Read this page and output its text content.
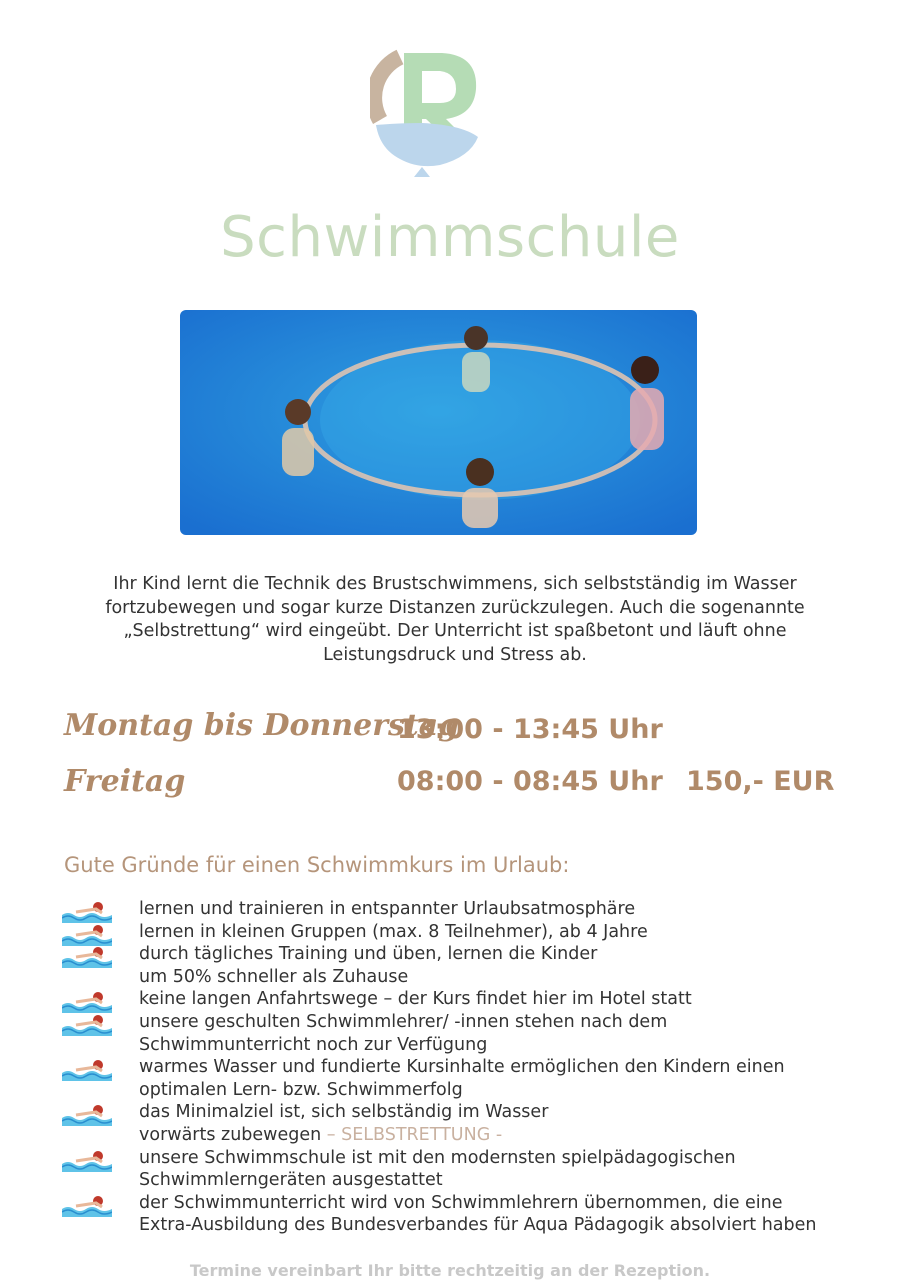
Schwimmschule
Ihr Kind lernt die Technik des Brustschwimmens, sich selbstständig im Wasser fortzubewegen und sogar kurze Distanzen zurückzulegen. Auch die sogenannte „Selbstrettung“ wird eingeübt. Der Unterricht ist spaßbetont und läuft ohne Leistungsdruck und Stress ab.
Montag bis Donnerstag
13:00 - 13:45 Uhr
Freitag	08:00 - 08:45 Uhr 150,- EUR
Gute Gründe für einen Schwimmkurs im Urlaub:
lernen und trainieren in entspannter Urlaubsatmosphäre
lernen in kleinen Gruppen (max. 8 Teilnehmer), ab 4 Jahre
durch tägliches Training und üben, lernen die Kinder
um 50% schneller als Zuhause
keine langen Anfahrtswege – der Kurs findet hier im Hotel statt
unsere geschulten Schwimmlehrer/ -innen stehen nach dem
Schwimmunterricht noch zur Verfügung
warmes Wasser und fundierte Kursinhalte ermöglichen den Kindern einen
optimalen Lern- bzw. Schwimmerfolg
das Minimalziel ist, sich selbständig im Wasser
vorwärts zubewegen – SELBSTRETTUNG -
unsere Schwimmschule ist mit den modernsten spielpädagogischen
Schwimmlerngeräten ausgestattet
der Schwimmunterricht wird von Schwimmlehrern übernommen, die eine
Extra-Ausbildung des Bundesverbandes für Aqua Pädagogik absolviert haben
Termine vereinbart Ihr bitte rechtzeitig an der Rezeption.
